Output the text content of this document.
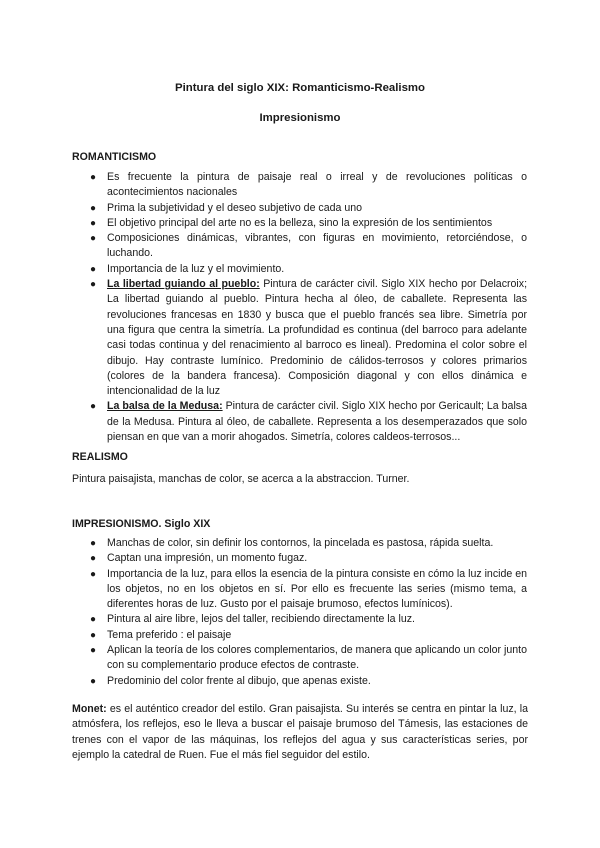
Pintura del siglo XIX: Romanticismo-Realismo

Impresionismo

ROMANTICISMO

● Es frecuente la pintura de paisaje real o irreal y de revoluciones políticas o acontecimientos nacionales
● Prima la subjetividad y el deseo subjetivo de cada uno
● El objetivo principal del arte no es la belleza, sino la expresión de los sentimientos
● Composiciones dinámicas, vibrantes, con figuras en movimiento, retorciéndose, o luchando.
● Importancia de la luz y el movimiento.
● La libertad guiando al pueblo: Pintura de carácter civil. Siglo XIX hecho por Delacroix; La libertad guiando al pueblo. Pintura hecha al óleo, de caballete. Representa las revoluciones francesas en 1830 y busca que el pueblo francés sea libre. Simetría por una figura que centra la simetría. La profundidad es continua (del barroco para adelante casi todas continua y del renacimiento al barroco es lineal). Predomina el color sobre el dibujo. Hay contraste lumínico. Predominio de cálidos-terrosos y colores primarios (colores de la bandera francesa). Composición diagonal y con ellos dinámica e intencionalidad de la luz
● La balsa de la Medusa: Pintura de carácter civil. Siglo XIX hecho por Gericault; La balsa de la Medusa. Pintura al óleo, de caballete. Representa a los desemperazados que solo piensan en que van a morir ahogados. Simetría, colores caldeos-terrosos...

REALISMO

Pintura paisajista, manchas de color, se acerca a la abstraccion. Turner.

IMPRESIONISMO. Siglo XIX

● Manchas de color, sin definir los contornos, la pincelada es pastosa, rápida suelta.
● Captan una impresión, un momento fugaz.
● Importancia de la luz, para ellos la esencia de la pintura consiste en cómo la luz incide en los objetos, no en los objetos en sí. Por ello es frecuente las series (mismo tema, a diferentes horas de luz. Gusto por el paisaje brumoso, efectos lumínicos).
● Pintura al aire libre, lejos del taller, recibiendo directamente la luz.
● Tema preferido : el paisaje
● Aplican la teoría de los colores complementarios, de manera que aplicando un color junto con su complementario produce efectos de contraste.
● Predominio del color frente al dibujo, que apenas existe.

Monet: es el auténtico creador del estilo. Gran paisajista. Su interés se centra en pintar la luz, la atmósfera, los reflejos, eso le lleva a buscar el paisaje brumoso del Támesis, las estaciones de trenes con el vapor de las máquinas, los reflejos del agua y sus características series, por ejemplo la catedral de Ruen. Fue el más fiel seguidor del estilo.
